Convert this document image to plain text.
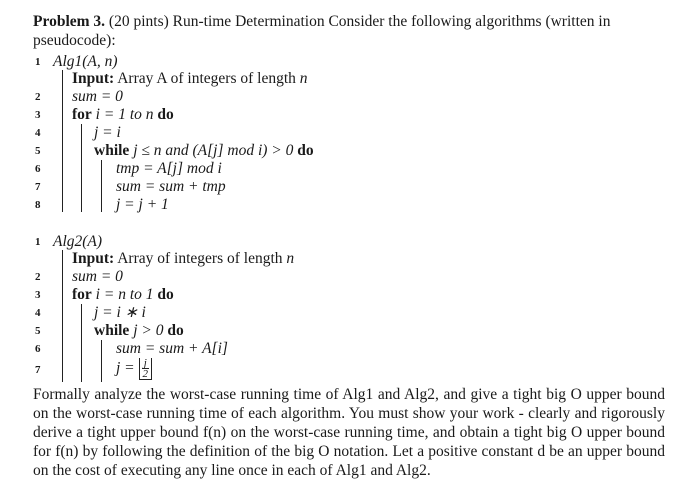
Problem 3. (20 pints) Run-time Determination Consider the following algorithms (written in pseudocode):
1 Alg1(A, n)
Input: Array A of integers of length n
2 sum = 0
3 for i = 1 to n do
4	j = i
5	while j ≤ n and (A[j] mod i) > 0 do
6	tmp = A[j] mod i
7	sum = sum + tmp
8	j = j + 1
1 Alg2(A)
Input: Array of integers of length n
2 sum = 0
3 for i = n to 1 do
4	j = i ∗ i
5	while j > 0 do
6	sum = sum + A[i]
7	$j = \frac{j}{2}$
Formally analyze the worst-case running time of Alg1 and Alg2, and give a tight big O upper bound on the worst-case running time of each algorithm. You must show your work - clearly and rigorously derive a tight upper bound f(n) on the worst-case running time, and obtain a tight big O upper bound for f(n) by following the definition of the big O notation. Let a positive constant d be an upper bound on the cost of executing any line once in each of Alg1 and Alg2.
